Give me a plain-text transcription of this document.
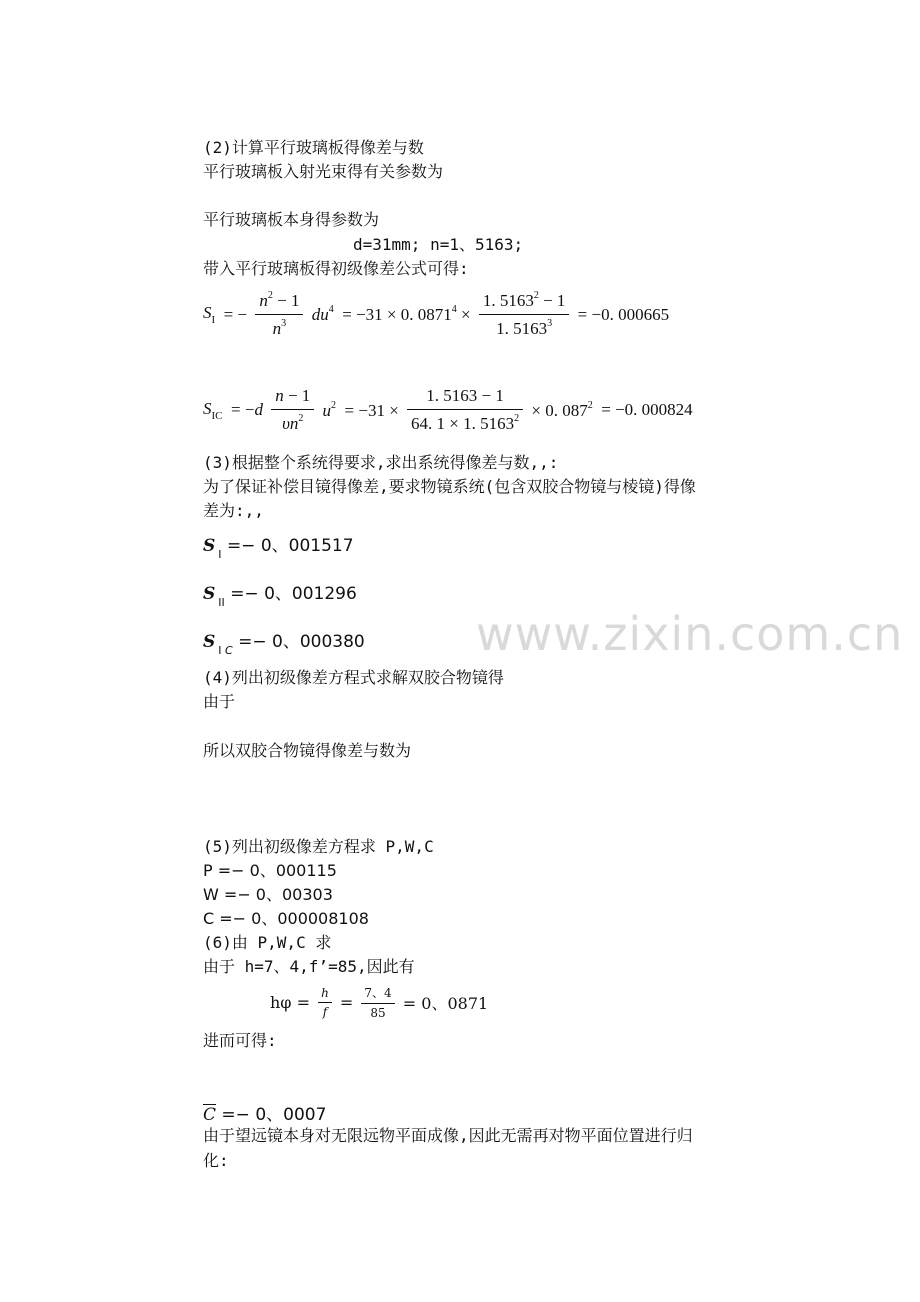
(2)计算平行玻璃板得像差与数
平行玻璃板入射光束得有关参数为
平行玻璃板本身得参数为
d=31mm; n=1、5163;
带入平行玻璃板得初级像差公式可得:
$S_I$  = − $\frac{n^2 - 1}{n^3} du^4 = -31 \times 0$. $0871^4 \times \frac{1. 5163^2 - 1}{1. 5163^3} = -0$. 000665
$S_{IC} = -d \frac{n - 1}{\upsilon n^2} u^2 = -31 \times \frac{1. 5163 - 1}{64. 1 \times 1. 5163^2} \times 0$. $087^2 = -0$. 000824
(3)根据整个系统得要求,求出系统得像差与数,,:
为了保证补偿目镜得像差,要求物镜系统(包含双胶合物镜与棱镜)得像
差为:,,
S $_I$ =− 0、001517
S $_{II}$ =− 0、001296
S $_{I C}$ =− 0、000380 www.zixin.com.cn
(4)列出初级像差方程式求解双胶合物镜得
由于
所以双胶合物镜得像差与数为
(5)列出初级像差方程求 P,W,C
P =− 0、000115
W =− 0、00303
C =− 0、000008108
(6)由 P,W,C 求
由于 h=7、4,f’=85,因此有
$h\varphi = \frac{h}{f} = \frac{7、4}{85} = 0$、0871
进而可得:
$\overline{C} =- 0$、0007
由于望远镜本身对无限远物平面成像,因此无需再对物平面位置进行归
化:
